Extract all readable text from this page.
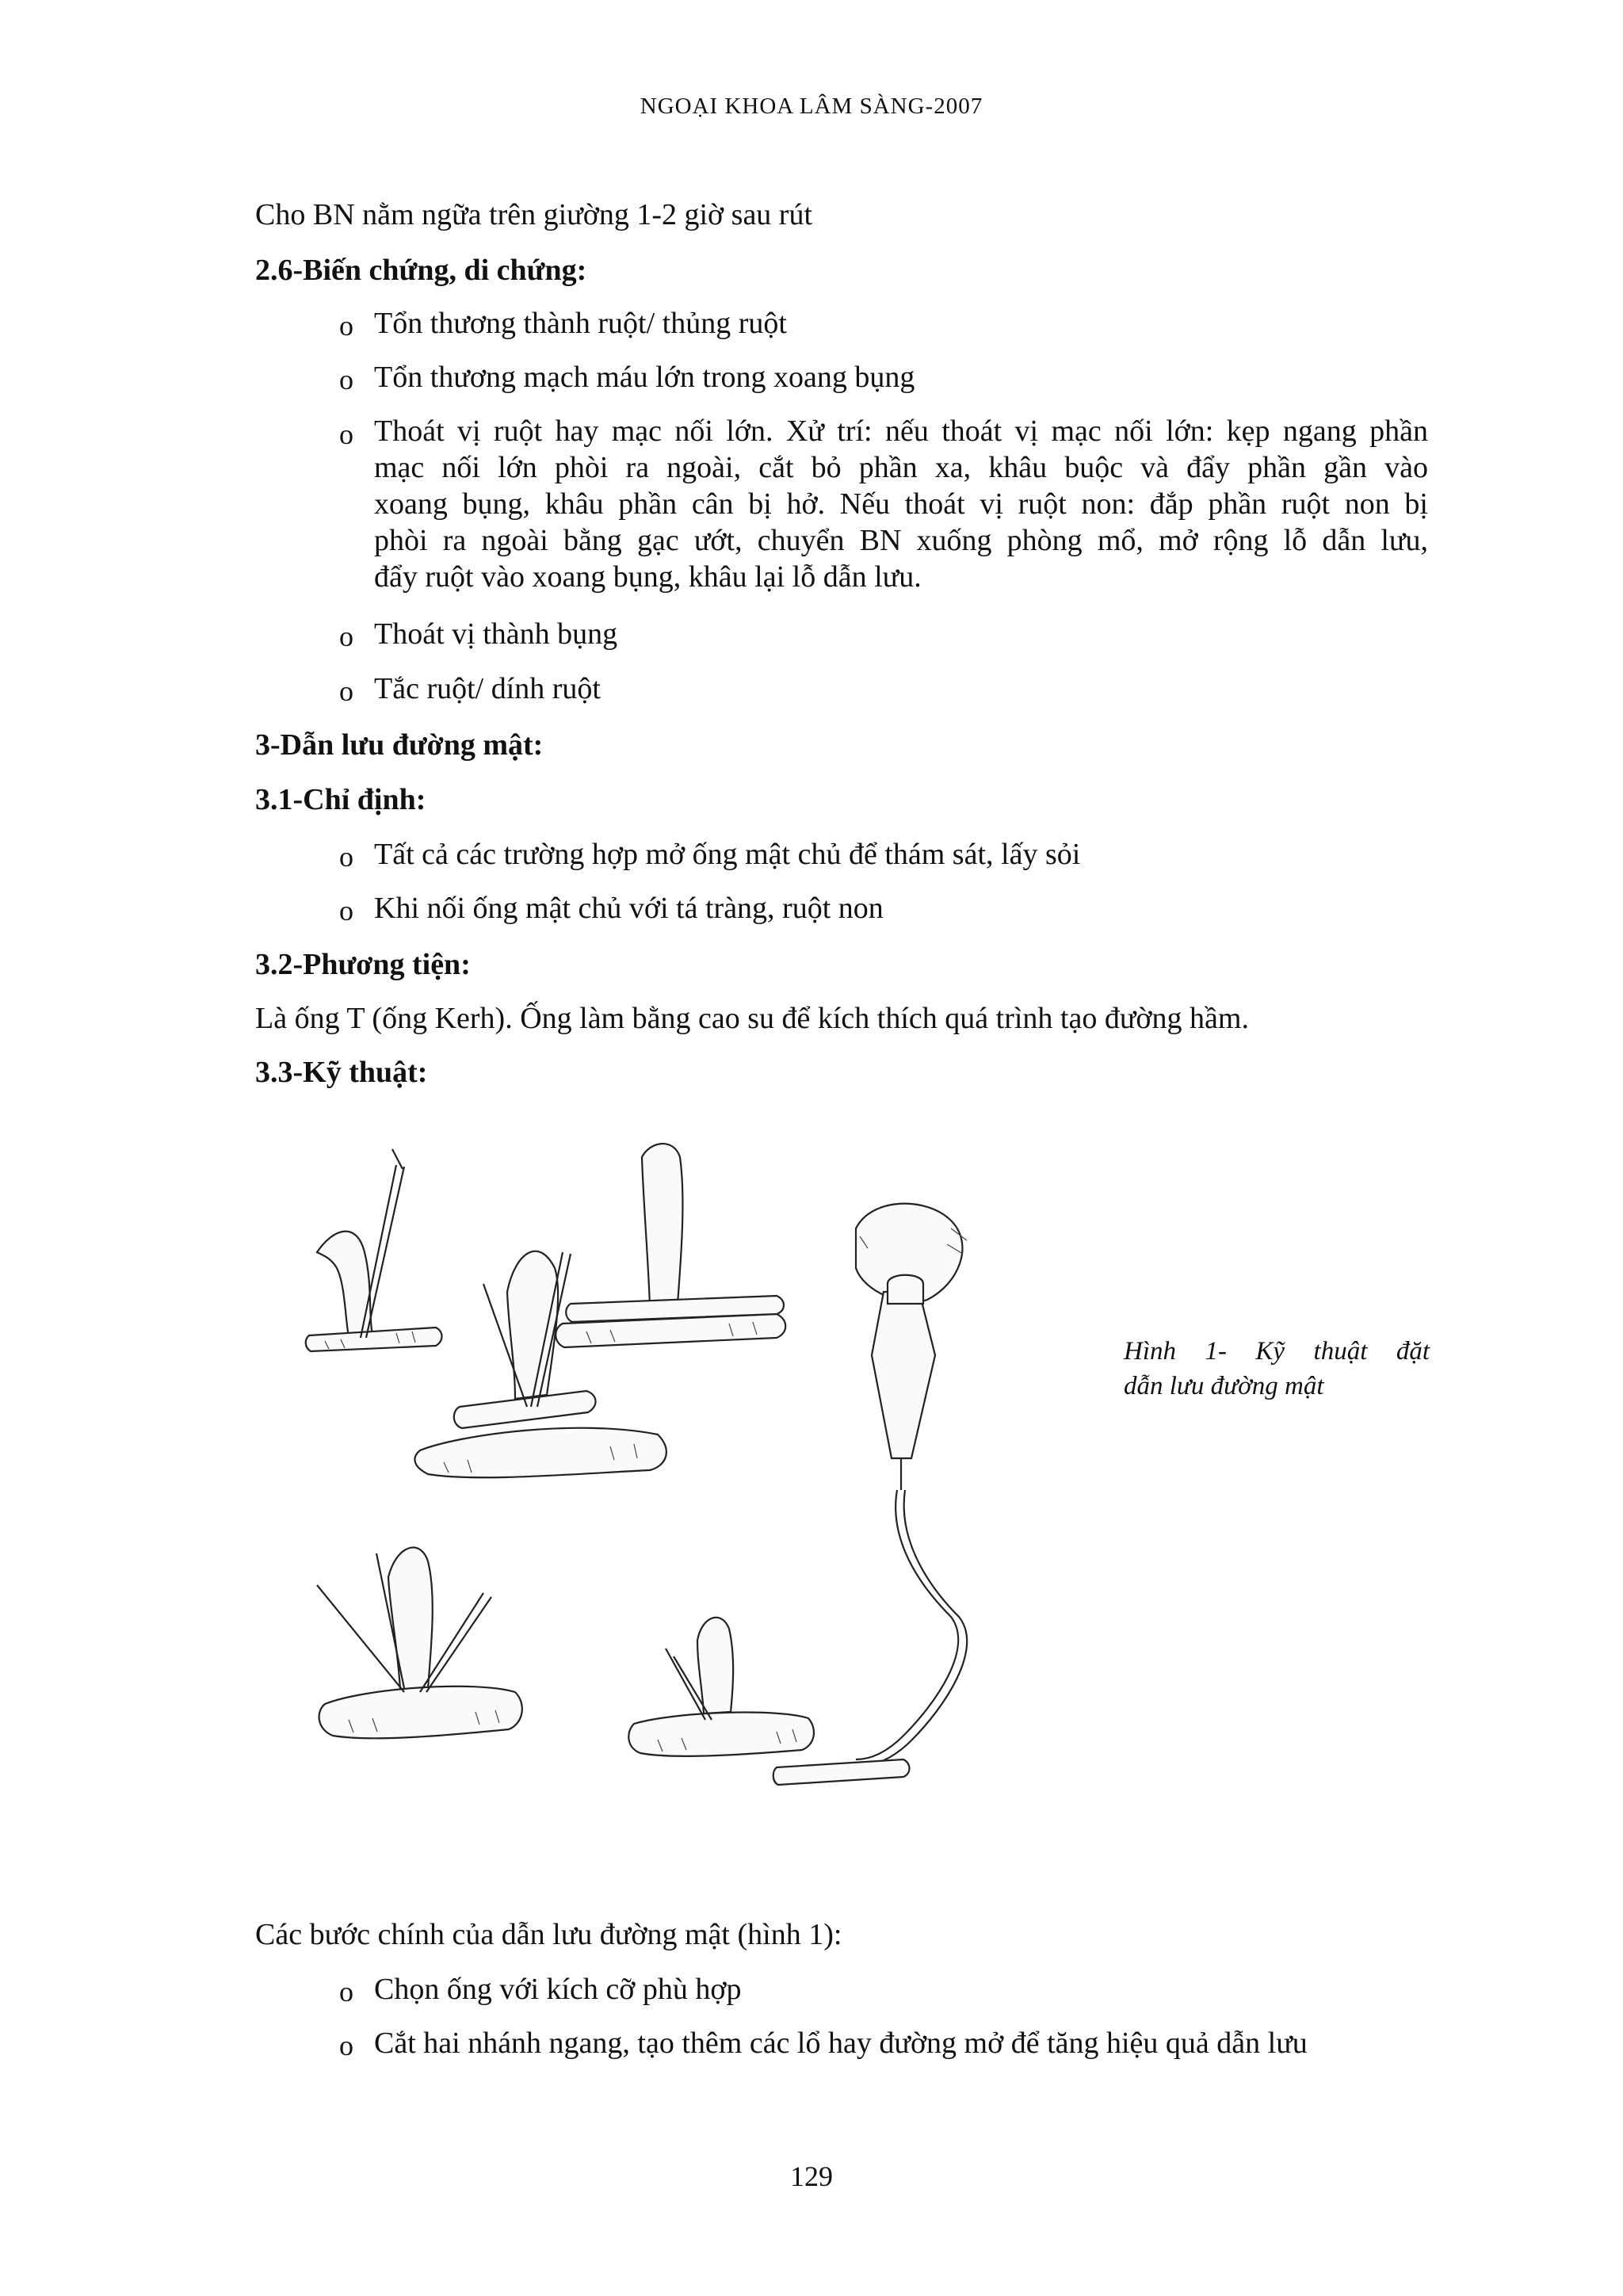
NGOẠI KHOA LÂM SÀNG-2007
Cho BN nằm ngữa trên giường 1-2 giờ sau rút
2.6-Biến chứng, di chứng:
o Tổn thương thành ruột/ thủng ruột
o Tổn thương mạch máu lớn trong xoang bụng
o Thoát vị ruột hay mạc nối lớn. Xử trí: nếu thoát vị mạc nối lớn: kẹp ngang phần
mạc nối lớn phòi ra ngoài, cắt bỏ phần xa, khâu buộc và đẩy phần gần vào
xoang bụng, khâu phần cân bị hở. Nếu thoát vị ruột non: đắp phần ruột non bị
phòi ra ngoài bằng gạc ướt, chuyển BN xuống phòng mổ, mở rộng lỗ dẫn lưu,
đẩy ruột vào xoang bụng, khâu lại lỗ dẫn lưu.
o Thoát vị thành bụng
o Tắc ruột/ dính ruột
3-Dẫn lưu đường mật:
3.1-Chỉ định:
o Tất cả các trường hợp mở ống mật chủ để thám sát, lấy sỏi
o Khi nối ống mật chủ với tá tràng, ruột non
3.2-Phương tiện:
Là ống T (ống Kerh). Ống làm bằng cao su để kích thích quá trình tạo đường hầm.
3.3-Kỹ thuật:
Hình 1- Kỹ thuật đặt
dẫn lưu đường mật
Các bước chính của dẫn lưu đường mật (hình 1):
o Chọn ống với kích cỡ phù hợp
o Cắt hai nhánh ngang, tạo thêm các lổ hay đường mở để tăng hiệu quả dẫn lưu
129
